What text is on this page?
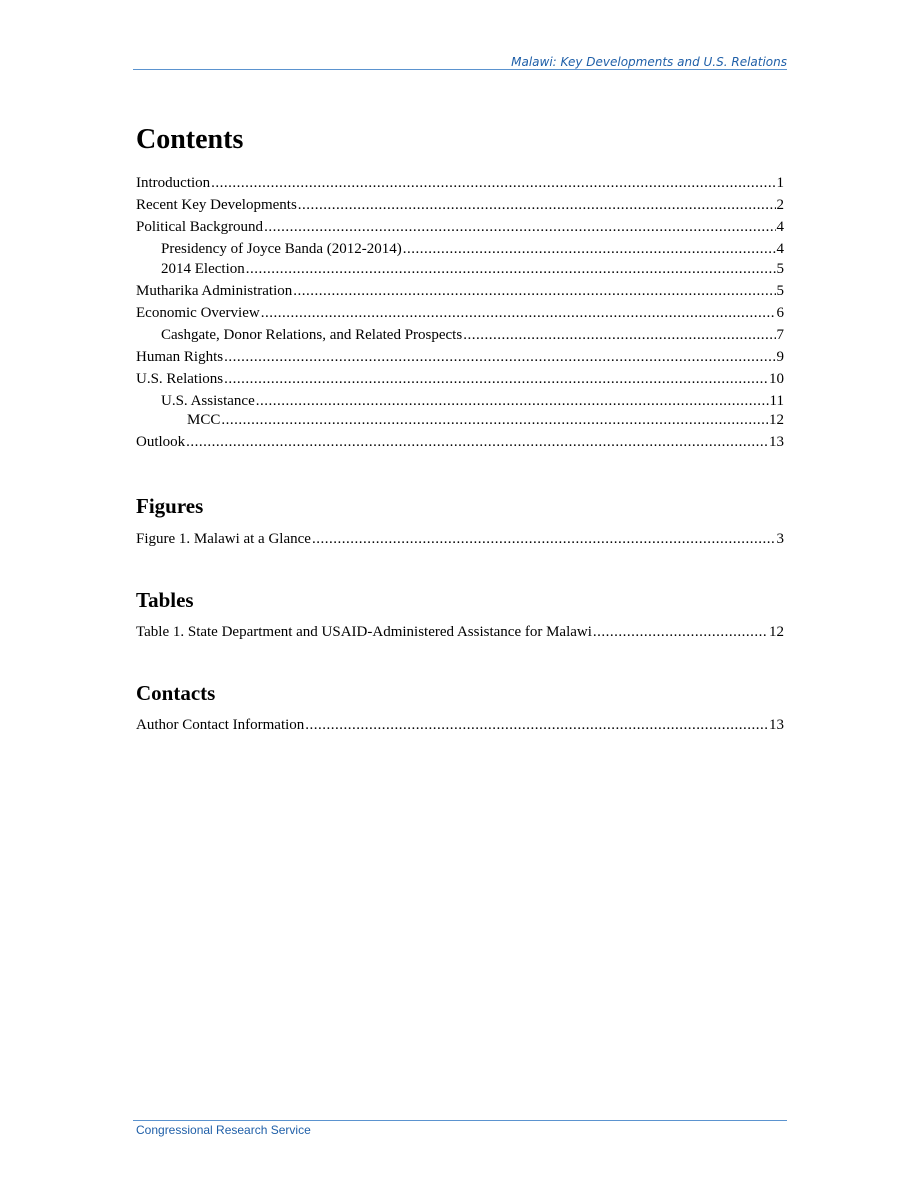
Malawi: Key Developments and U.S. Relations
Contents
Introduction .....	1
Recent Key Developments .....	2
Political Background .....	4
Presidency of Joyce Banda (2012-2014) .....	4
2014 Election .....	5
Mutharika Administration .....	5
Economic Overview .....	6
Cashgate, Donor Relations, and Related Prospects .....	7
Human Rights .....	9
U.S. Relations .....	10
U.S. Assistance .....	11
MCC .....	12
Outlook .....	13
Figures
Figure 1. Malawi at a Glance .....	3
Tables
Table 1. State Department and USAID-Administered Assistance for Malawi .....	12
Contacts
Author Contact Information .....	13
Congressional Research Service
